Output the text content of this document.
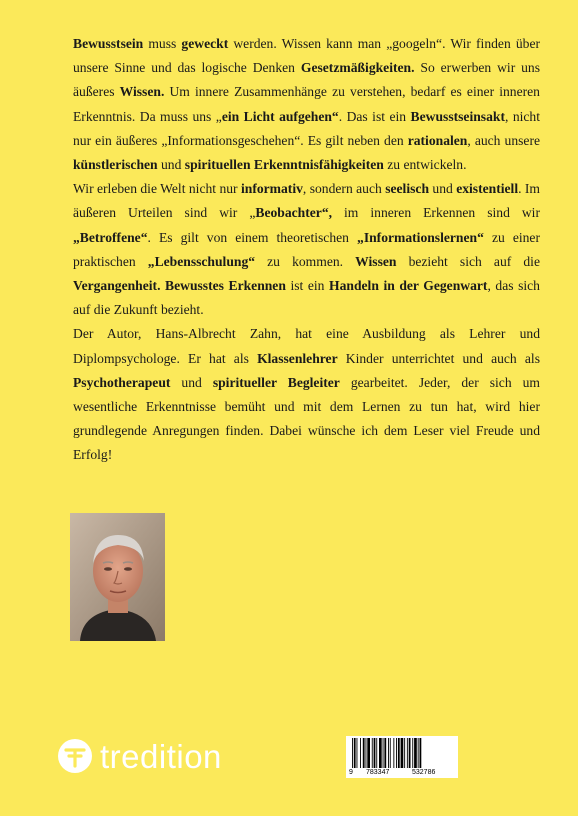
Bewusstsein muss geweckt werden. Wissen kann man „googeln“. Wir finden über unsere Sinne und das logische Denken Gesetzmäßigkeiten. So erwerben wir uns äußeres Wissen. Um innere Zusammenhänge zu verstehen, bedarf es einer inneren Erkenntnis. Da muss uns „ein Licht aufgehen“. Das ist ein Bewusstseinsakt, nicht nur ein äußeres „Informationsgeschehen“. Es gilt neben den rationalen, auch unsere künstlerischen und spirituellen Erkenntnisfähigkeiten zu entwickeln.

Wir erleben die Welt nicht nur informativ, sondern auch seelisch und existentiell. Im äußeren Urteilen sind wir „Beobachter“, im inneren Erkennen sind wir „Betroffene“. Es gilt von einem theoretischen „Informationslernen“ zu einer praktischen „Lebensschulung“ zu kommen. Wissen bezieht sich auf die Vergangenheit. Bewusstes Erkennen ist ein Handeln in der Gegenwart, das sich auf die Zukunft bezieht.

Der Autor, Hans-Albrecht Zahn, hat eine Ausbildung als Lehrer und Diplompsychologe. Er hat als Klassenlehrer Kinder unterrichtet und auch als Psychotherapeut und spiritueller Begleiter gearbeitet. Jeder, der sich um wesentliche Erkenntnisse bemüht und mit dem Lernen zu tun hat, wird hier grundlegende Anregungen finden. Dabei wünsche ich dem Leser viel Freude und Erfolg!

tredition	9 783347	532786
